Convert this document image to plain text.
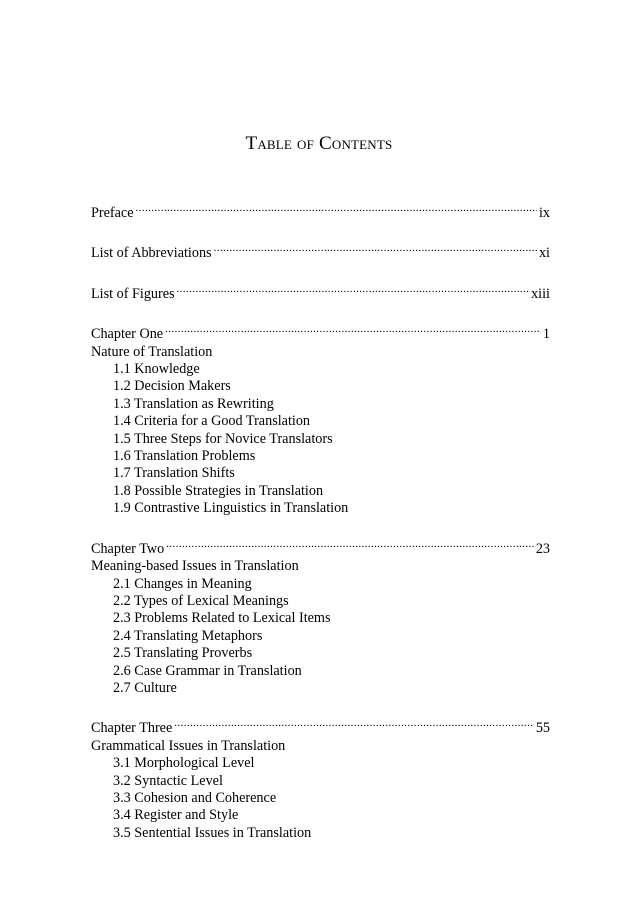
Table of Contents
Preface .....	ix
List of Abbreviations .....	xi
List of Figures .....	xiii
Chapter One .....	1
Nature of Translation
1.1 Knowledge
1.2 Decision Makers
1.3 Translation as Rewriting
1.4 Criteria for a Good Translation
1.5 Three Steps for Novice Translators
1.6 Translation Problems
1.7 Translation Shifts
1.8 Possible Strategies in Translation
1.9 Contrastive Linguistics in Translation
Chapter Two .....	23
Meaning-based Issues in Translation
2.1 Changes in Meaning
2.2 Types of Lexical Meanings
2.3 Problems Related to Lexical Items
2.4 Translating Metaphors
2.5 Translating Proverbs
2.6 Case Grammar in Translation
2.7 Culture
Chapter Three .....	55
Grammatical Issues in Translation
3.1 Morphological Level
3.2 Syntactic Level
3.3 Cohesion and Coherence
3.4 Register and Style
3.5 Sentential Issues in Translation
